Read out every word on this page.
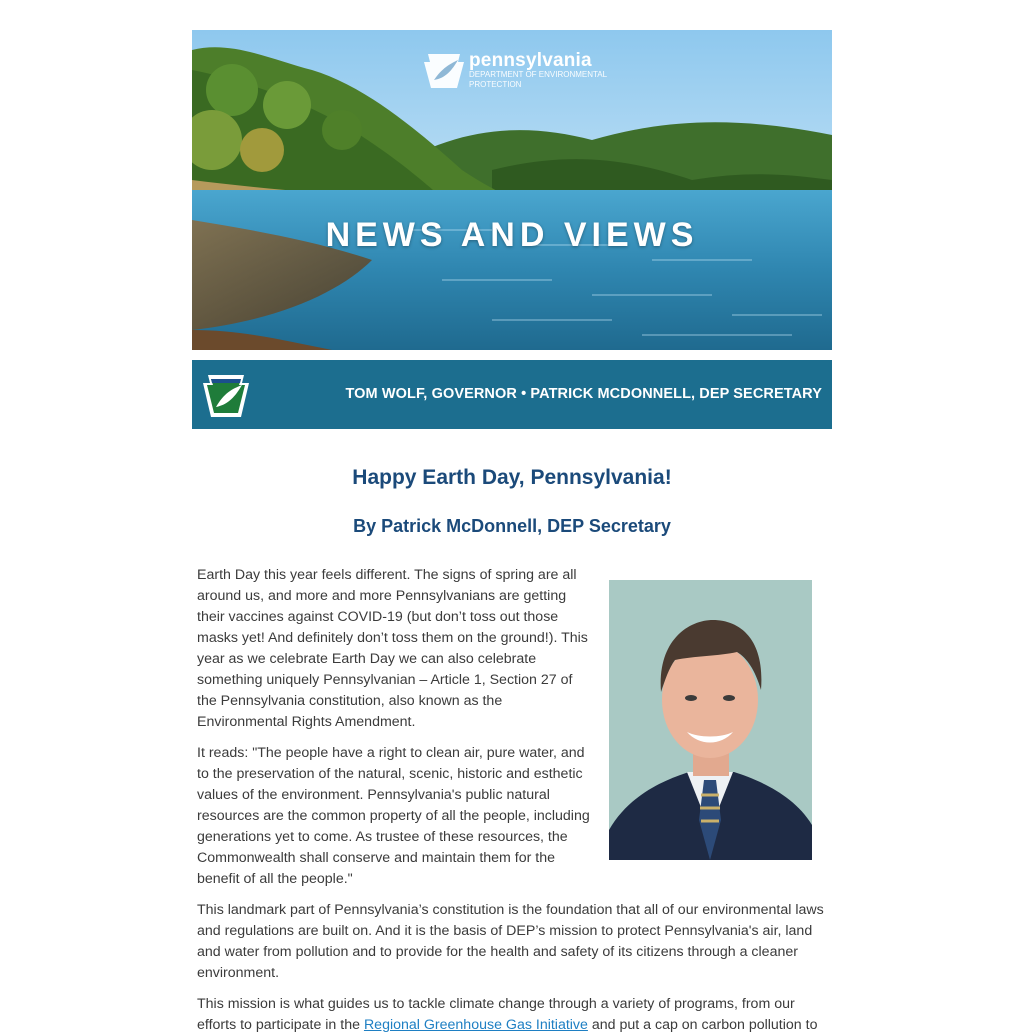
pennsylvania
DEPARTMENT OF ENVIRONMENTAL
PROTECTION
NEWS AND VIEWS
TOM WOLF, GOVERNOR • PATRICK MCDONNELL, DEP SECRETARY
Happy Earth Day, Pennsylvania!
By Patrick McDonnell, DEP Secretary

Earth Day this year feels different. The signs of spring are all around us, and more and more Pennsylvanians are getting their vaccines against COVID-19 (but don’t toss out those masks yet! And definitely don’t toss them on the ground!). This year as we celebrate Earth Day we can also celebrate something uniquely Pennsylvanian – Article 1, Section 27 of the Pennsylvania constitution, also known as the Environmental Rights Amendment.

It reads: "The people have a right to clean air, pure water, and to the preservation of the natural, scenic, historic and esthetic values of the environment. Pennsylvania's public natural resources are the common property of all the people, including generations yet to come. As trustee of these resources, the Commonwealth shall conserve and maintain them for the benefit of all the people."

This landmark part of Pennsylvania’s constitution is the foundation that all of our environmental laws and regulations are built on. And it is the basis of DEP’s mission to protect Pennsylvania's air, land and water from pollution and to provide for the health and safety of its citizens through a cleaner environment.

This mission is what guides us to tackle climate change through a variety of programs, from our efforts to participate in the Regional Greenhouse Gas Initiative and put a cap on carbon pollution to
